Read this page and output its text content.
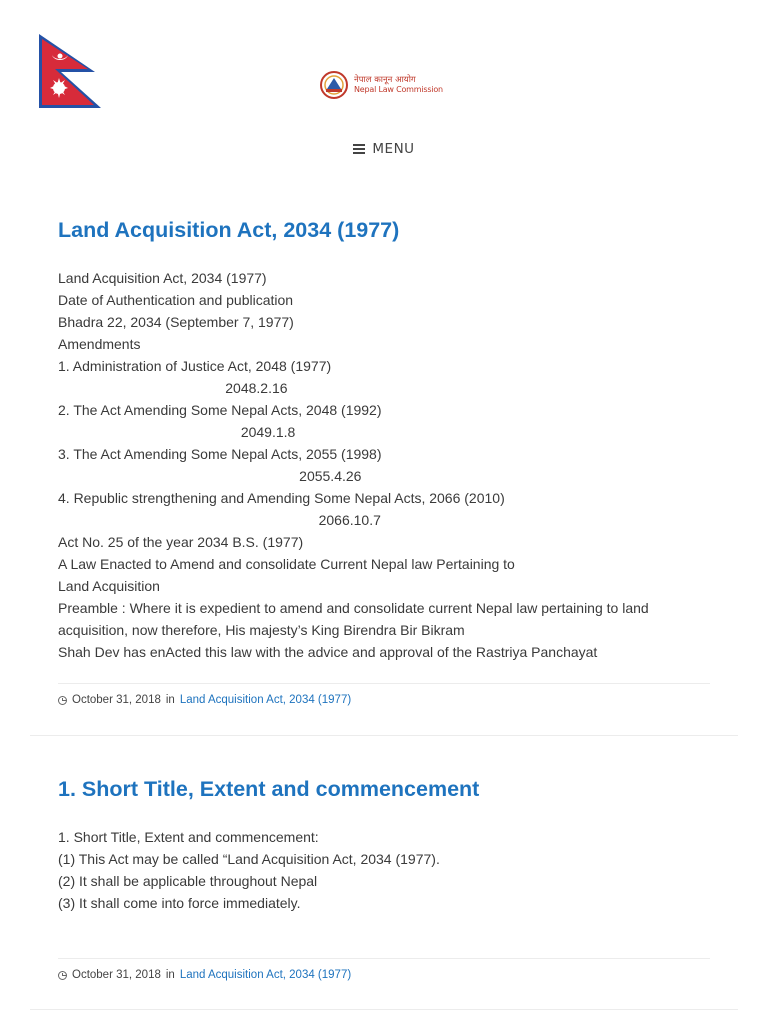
नेपाल कानून आयोग
Nepal Law Commission
MENU
Land Acquisition Act, 2034 (1977)
Land Acquisition Act, 2034 (1977)
Date of Authentication and publication
Bhadra 22, 2034 (September 7, 1977)
Amendments
1. Administration of Justice Act, 2048 (1977)
2048.2.16
2. The Act Amending Some Nepal Acts, 2048 (1992)
2049.1.8
3. The Act Amending Some Nepal Acts, 2055 (1998)
2055.4.26
4. Republic strengthening and Amending Some Nepal Acts, 2066 (2010)
2066.10.7
Act No. 25 of the year 2034 B.S. (1977)
A Law Enacted to Amend and consolidate Current Nepal law Pertaining to
Land Acquisition
Preamble : Where it is expedient to amend and consolidate current Nepal law pertaining to land
acquisition, now therefore, His majesty’s King Birendra Bir Bikram
Shah Dev has enActed this law with the advice and approval of the Rastriya Panchayat
October 31, 2018 in Land Acquisition Act, 2034 (1977)
1. Short Title, Extent and commencement
1. Short Title, Extent and commencement:
(1) This Act may be called “Land Acquisition Act, 2034 (1977).
(2) It shall be applicable throughout Nepal
(3) It shall come into force immediately.
October 31, 2018 in Land Acquisition Act, 2034 (1977)
